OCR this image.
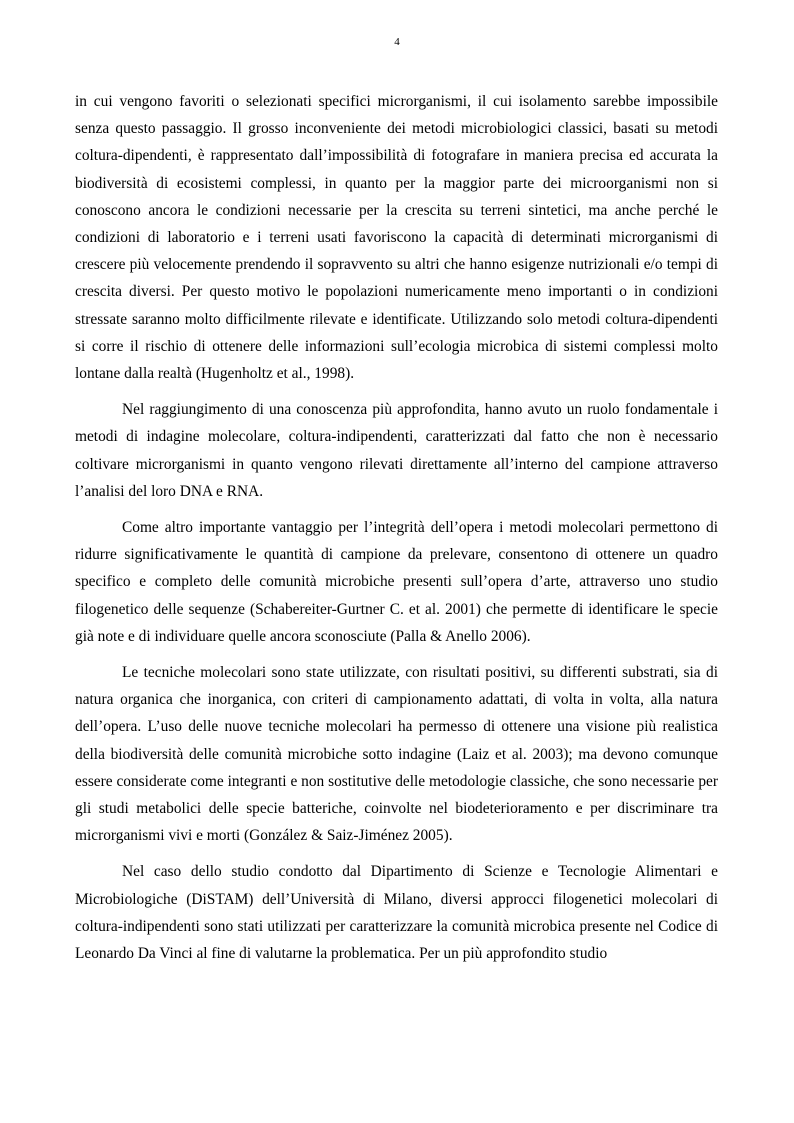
4

in cui vengono favoriti o selezionati specifici microrganismi, il cui isolamento sarebbe impossibile senza questo passaggio. Il grosso inconveniente dei metodi microbiologici classici, basati su metodi coltura-dipendenti, è rappresentato dall’impossibilità di fotografare in maniera precisa ed accurata la biodiversità di ecosistemi complessi, in quanto per la maggior parte dei microorganismi non si conoscono ancora le condizioni necessarie per la crescita su terreni sintetici, ma anche perché le condizioni di laboratorio e i terreni usati favoriscono la capacità di determinati microrganismi di crescere più velocemente prendendo il sopravvento su altri che hanno esigenze nutrizionali e/o tempi di crescita diversi. Per questo motivo le popolazioni numericamente meno importanti o in condizioni stressate saranno molto difficilmente rilevate e identificate. Utilizzando solo metodi coltura-dipendenti si corre il rischio di ottenere delle informazioni sull’ecologia microbica di sistemi complessi molto lontane dalla realtà (Hugenholtz et al., 1998).

Nel raggiungimento di una conoscenza più approfondita, hanno avuto un ruolo fondamentale i metodi di indagine molecolare, coltura-indipendenti, caratterizzati dal fatto che non è necessario coltivare microrganismi in quanto vengono rilevati direttamente all’interno del campione attraverso l’analisi del loro DNA e RNA.

Come altro importante vantaggio per l’integrità dell’opera i metodi molecolari permettono di ridurre significativamente le quantità di campione da prelevare, consentono di ottenere un quadro specifico e completo delle comunità microbiche presenti sull’opera d’arte, attraverso uno studio filogenetico delle sequenze (Schabereiter-Gurtner C. et al. 2001) che permette di identificare le specie già note e di individuare quelle ancora sconosciute (Palla & Anello 2006).

Le tecniche molecolari sono state utilizzate, con risultati positivi, su differenti substrati, sia di natura organica che inorganica, con criteri di campionamento adattati, di volta in volta, alla natura dell’opera. L’uso delle nuove tecniche molecolari ha permesso di ottenere una visione più realistica della biodiversità delle comunità microbiche sotto indagine (Laiz et al. 2003); ma devono comunque essere considerate come integranti e non sostitutive delle metodologie classiche, che sono necessarie per gli studi metabolici delle specie batteriche, coinvolte nel biodeterioramento e per discriminare tra microrganismi vivi e morti (González & Saiz-Jiménez 2005).

Nel caso dello studio condotto dal Dipartimento di Scienze e Tecnologie Alimentari e Microbiologiche (DiSTAM) dell’Università di Milano, diversi approcci filogenetici molecolari di coltura-indipendenti sono stati utilizzati per caratterizzare la comunità microbica presente nel Codice di Leonardo Da Vinci al fine di valutarne la problematica. Per un più approfondito studio
